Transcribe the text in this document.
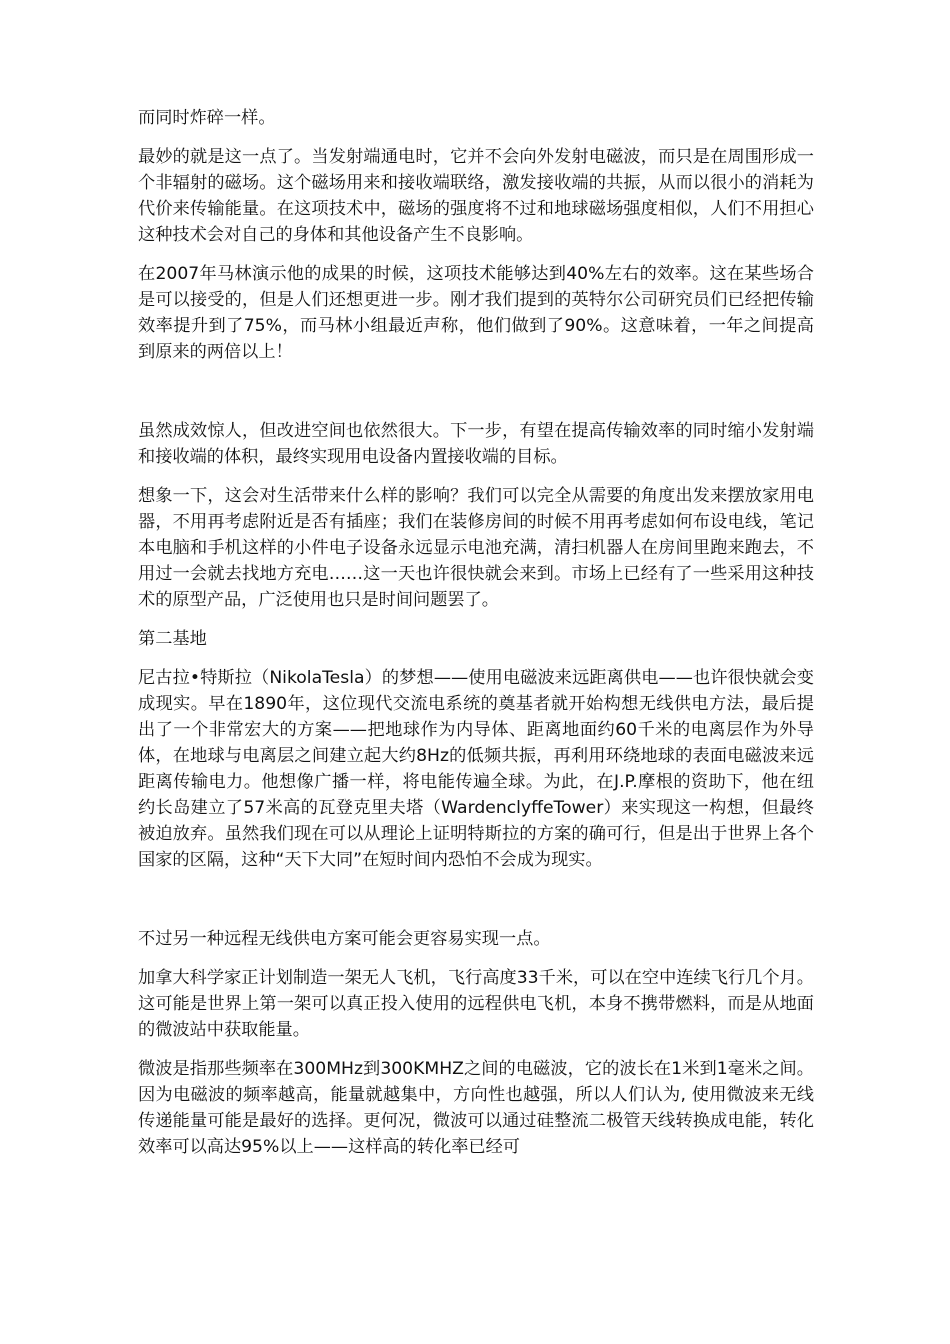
而同时炸碎一样。

最妙的就是这一点了。当发射端通电时，它并不会向外发射电磁波，而只是在周围形成一个非辐射的磁场。这个磁场用来和接收端联络，激发接收端的共振，从而以很小的消耗为代价来传输能量。在这项技术中，磁场的强度将不过和地球磁场强度相似，人们不用担心这种技术会对自己的身体和其他设备产生不良影响。

在2007年马林演示他的成果的时候，这项技术能够达到40%左右的效率。这在某些场合是可以接受的，但是人们还想更进一步。刚才我们提到的英特尔公司研究员们已经把传输效率提升到了75%，而马林小组最近声称，他们做到了90%。这意味着，一年之间提高到原来的两倍以上！

虽然成效惊人，但改进空间也依然很大。下一步，有望在提高传输效率的同时缩小发射端和接收端的体积，最终实现用电设备内置接收端的目标。

想象一下，这会对生活带来什么样的影响？我们可以完全从需要的角度出发来摆放家用电器，不用再考虑附近是否有插座；我们在装修房间的时候不用再考虑如何布设电线，笔记本电脑和手机这样的小件电子设备永远显示电池充满，清扫机器人在房间里跑来跑去，不用过一会就去找地方充电……这一天也许很快就会来到。市场上已经有了一些采用这种技术的原型产品，广泛使用也只是时间问题罢了。

第二基地

尼古拉•特斯拉（NikolaTesla）的梦想——使用电磁波来远距离供电——也许很快就会变成现实。早在1890年，这位现代交流电系统的奠基者就开始构想无线供电方法，最后提出了一个非常宏大的方案——把地球作为内导体、距离地面约60千米的电离层作为外导体，在地球与电离层之间建立起大约8Hz的低频共振，再利用环绕地球的表面电磁波来远距离传输电力。他想像广播一样，将电能传遍全球。为此，在J.P.摩根的资助下，他在纽约长岛建立了57米高的瓦登克里夫塔（WardenclyffeTower）来实现这一构想，但最终被迫放弃。虽然我们现在可以从理论上证明特斯拉的方案的确可行，但是出于世界上各个国家的区隔，这种“天下大同”在短时间内恐怕不会成为现实。

不过另一种远程无线供电方案可能会更容易实现一点。

加拿大科学家正计划制造一架无人飞机，飞行高度33千米，可以在空中连续飞行几个月。这可能是世界上第一架可以真正投入使用的远程供电飞机，本身不携带燃料，而是从地面的微波站中获取能量。

微波是指那些频率在300MHz到300KMHZ之间的电磁波，它的波长在1米到1毫米之间。因为电磁波的频率越高，能量就越集中，方向性也越强，所以人们认为, 使用微波来无线传递能量可能是最好的选择。更何况，微波可以通过硅整流二极管天线转换成电能，转化效率可以高达95%以上——这样高的转化率已经可
